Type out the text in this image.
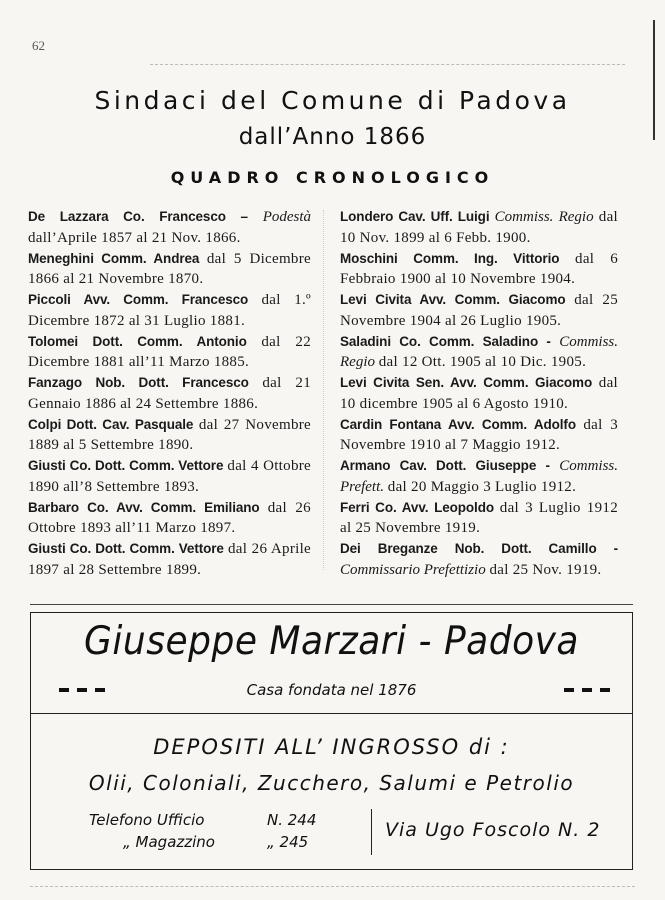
62
Sindaci del Comune di Padova
dall’Anno 1866
QUADRO CRONOLOGICO
De Lazzara Co. Francesco – Podestà dall’Aprile 1857 al 21 Nov. 1866.
Meneghini Comm. Andrea dal 5 Dicembre 1866 al 21 Novembre 1870.
Piccoli Avv. Comm. Francesco dal 1.º Dicembre 1872 al 31 Luglio 1881.
Tolomei Dott. Comm. Antonio dal 22 Dicembre 1881 all’11 Marzo 1885.
Fanzago Nob. Dott. Francesco dal 21 Gennaio 1886 al 24 Settembre 1886.
Colpi Dott. Cav. Pasquale dal 27 Novembre 1889 al 5 Settembre 1890.
Giusti Co. Dott. Comm. Vettore dal 4 Ottobre 1890 all’8 Settembre 1893.
Barbaro Co. Avv. Comm. Emiliano dal 26 Ottobre 1893 all’11 Marzo 1897.
Giusti Co. Dott. Comm. Vettore dal 26 Aprile 1897 al 28 Settembre 1899.
Londero Cav. Uff. Luigi Commiss. Regio dal 10 Nov. 1899 al 6 Febb. 1900.
Moschini Comm. Ing. Vittorio dal 6 Febbraio 1900 al 10 Novembre 1904.
Levi Civita Avv. Comm. Giacomo dal 25 Novembre 1904 al 26 Luglio 1905.
Saladini Co. Comm. Saladino - Commiss. Regio dal 12 Ott. 1905 al 10 Dic. 1905.
Levi Civita Sen. Avv. Comm. Giacomo dal 10 dicembre 1905 al 6 Agosto 1910.
Cardin Fontana Avv. Comm. Adolfo dal 3 Novembre 1910 al 7 Maggio 1912.
Armano Cav. Dott. Giuseppe - Commiss. Prefett. dal 20 Maggio 3 Luglio 1912.
Ferri Co. Avv. Leopoldo dal 3 Luglio 1912 al 25 Novembre 1919.
Dei Breganze Nob. Dott. Camillo - Commissario Prefettizio dal 25 Nov. 1919.
Giuseppe Marzari - Padova
Casa fondata nel 1876
DEPOSITI ALL’ INGROSSO di :
Olii, Coloniali, Zucchero, Salumi e Petrolio
Telefono Ufficio	N. 244
„ Magazzino	„ 245
Via Ugo Foscolo N. 2
